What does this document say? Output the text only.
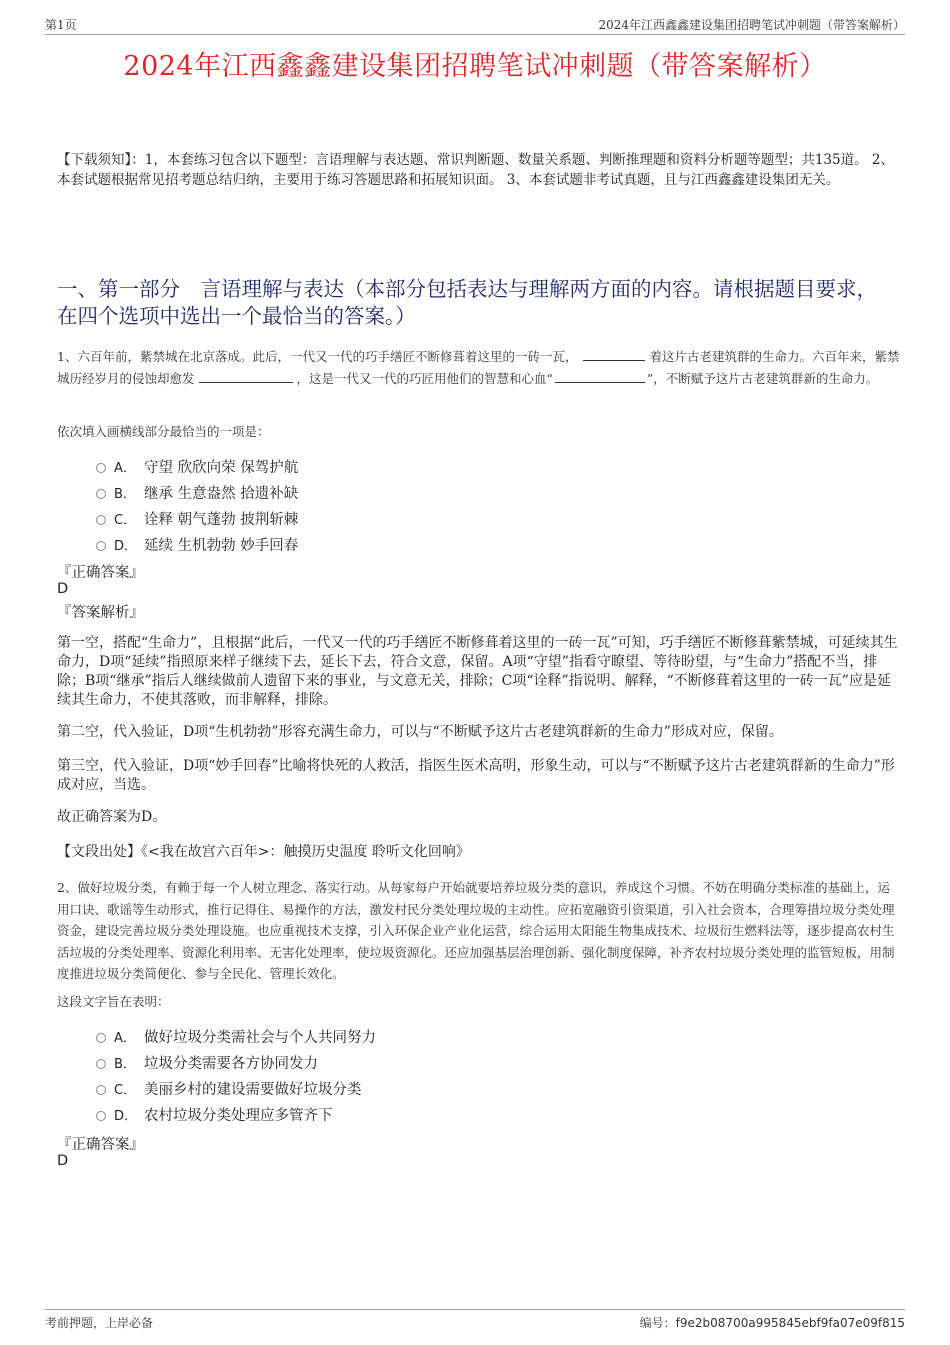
第1页	2024年江西鑫鑫建设集团招聘笔试冲刺题（带答案解析）
2024年江西鑫鑫建设集团招聘笔试冲刺题（带答案解析）
【下载须知】：1，本套练习包含以下题型：言语理解与表达题、常识判断题、数量关系题、判断推理题和资料分析题等题型；共135道。 2、本套试题根据常见招考题总结归纳，主要用于练习答题思路和拓展知识面。 3、本套试题非考试真题，且与江西鑫鑫建设集团无关。
一、第一部分　言语理解与表达（本部分包括表达与理解两方面的内容。请根据题目要求，在四个选项中选出一个最恰当的答案。）
1、六百年前，紫禁城在北京落成。此后，一代又一代的巧手缮匠不断修葺着这里的一砖一瓦，	着这片古老建筑群的生命力。六百年来，紫禁城历经岁月的侵蚀却愈发	，这是一代又一代的巧匠用他们的智慧和心血“	”，不断赋予这片古老建筑群新的生命力。
依次填入画横线部分最恰当的一项是：
A． 守望 欣欣向荣 保驾护航
B． 继承 生意盎然 拾遗补缺
C． 诠释 朝气蓬勃 披荆斩棘
D． 延续 生机勃勃 妙手回春
『正确答案』
D
『答案解析』
第一空，搭配“生命力”，且根据“此后，一代又一代的巧手缮匠不断修葺着这里的一砖一瓦”可知，巧手缮匠不断修葺紫禁城，可延续其生命力，D项“延续”指照原来样子继续下去，延长下去，符合文意，保留。A项“守望”指看守瞭望、等待盼望，与“生命力”搭配不当，排除；B项“继承”指后人继续做前人遗留下来的事业，与文意无关，排除；C项“诠释”指说明、解释，“不断修葺着这里的一砖一瓦”应是延续其生命力，不使其落败，而非解释，排除。
第二空，代入验证，D项“生机勃勃”形容充满生命力，可以与“不断赋予这片古老建筑群新的生命力”形成对应，保留。
第三空，代入验证，D项“妙手回春”比喻将快死的人救活，指医生医术高明，形象生动，可以与“不断赋予这片古老建筑群新的生命力”形成对应，当选。
故正确答案为D。
【文段出处】《<我在故宫六百年>：触摸历史温度 聆听文化回响》
2、做好垃圾分类，有赖于每一个人树立理念、落实行动。从每家每户开始就要培养垃圾分类的意识，养成这个习惯。不妨在明确分类标准的基础上，运用口诀、歌谣等生动形式，推行记得住、易操作的方法，激发村民分类处理垃圾的主动性。应拓宽融资引资渠道，引入社会资本，合理筹措垃圾分类处理资金，建设完善垃圾分类处理设施。也应重视技术支撑，引入环保企业产业化运营，综合运用太阳能生物集成技术、垃圾衍生燃料法等，逐步提高农村生活垃圾的分类处理率、资源化利用率、无害化处理率，使垃圾资源化。还应加强基层治理创新、强化制度保障，补齐农村垃圾分类处理的监管短板，用制度推进垃圾分类简便化、参与全民化、管理长效化。
这段文字旨在表明：
A． 做好垃圾分类需社会与个人共同努力
B． 垃圾分类需要各方协同发力
C． 美丽乡村的建设需要做好垃圾分类
D． 农村垃圾分类处理应多管齐下
『正确答案』
D
考前押题，上岸必备	编号：f9e2b08700a995845ebf9fa07e09f815
